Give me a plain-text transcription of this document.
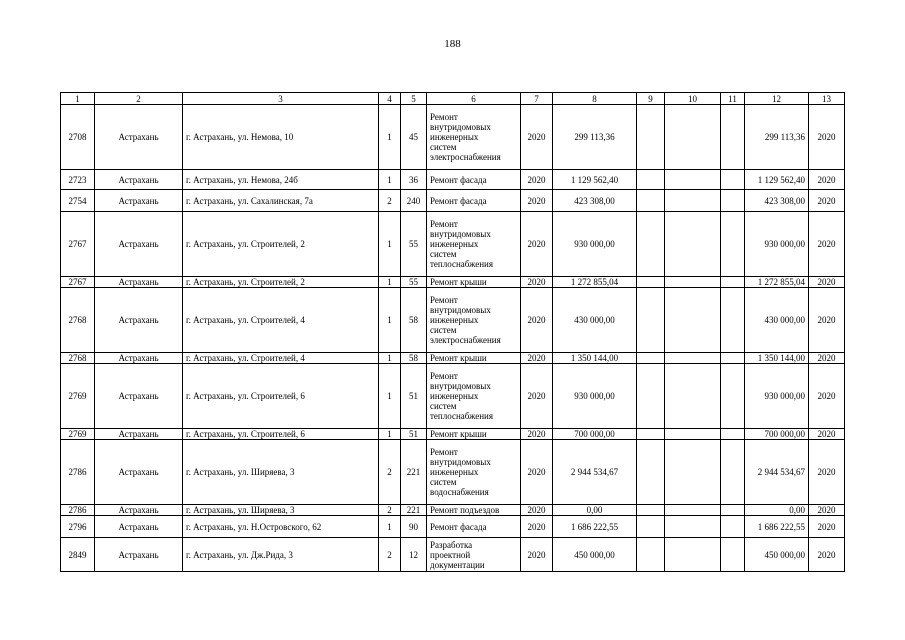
188
1	2	3	4	5	6	7	8	9	10	11	12	13
2708	Астрахань	г. Астрахань, ул. Немова, 10	1	45	Ремонт
внутридомовых
инженерных
систем
электроснабжения	2020	299 113,36				299 113,36	2020
2723	Астрахань	г. Астрахань, ул. Немова, 24б	1	36	Ремонт фасада	2020	1 129 562,40				1 129 562,40	2020
2754	Астрахань	г. Астрахань, ул. Сахалинская, 7а	2	240	Ремонт фасада	2020	423 308,00				423 308,00	2020
2767	Астрахань	г. Астрахань, ул. Строителей, 2	1	55	Ремонт
внутридомовых
инженерных
систем
теплоснабжения	2020	930 000,00				930 000,00	2020
2767	Астрахань	г. Астрахань, ул. Строителей, 2	1	55	Ремонт крыши	2020	1 272 855,04				1 272 855,04	2020
2768	Астрахань	г. Астрахань, ул. Строителей, 4	1	58	Ремонт
внутридомовых
инженерных
систем
электроснабжения	2020	430 000,00				430 000,00	2020
2768	Астрахань	г. Астрахань, ул. Строителей, 4	1	58	Ремонт крыши	2020	1 350 144,00				1 350 144,00	2020
2769	Астрахань	г. Астрахань, ул. Строителей, 6	1	51	Ремонт
внутридомовых
инженерных
систем
теплоснабжения	2020	930 000,00				930 000,00	2020
2769	Астрахань	г. Астрахань, ул. Строителей, 6	1	51	Ремонт крыши	2020	700 000,00				700 000,00	2020
2786	Астрахань	г. Астрахань, ул. Ширяева, 3	2	221	Ремонт
внутридомовых
инженерных
систем
водоснабжения	2020	2 944 534,67				2 944 534,67	2020
2786	Астрахань	г. Астрахань, ул. Ширяева, 3	2	221	Ремонт подъездов	2020	0,00				0,00	2020
2796	Астрахань	г. Астрахань, ул. Н.Островского, 62	1	90	Ремонт фасада	2020	1 686 222,55				1 686 222,55	2020
2849	Астрахань	г. Астрахань, ул. Дж.Рида, 3	2	12	Разработка
проектной
документации	2020	450 000,00				450 000,00	2020
